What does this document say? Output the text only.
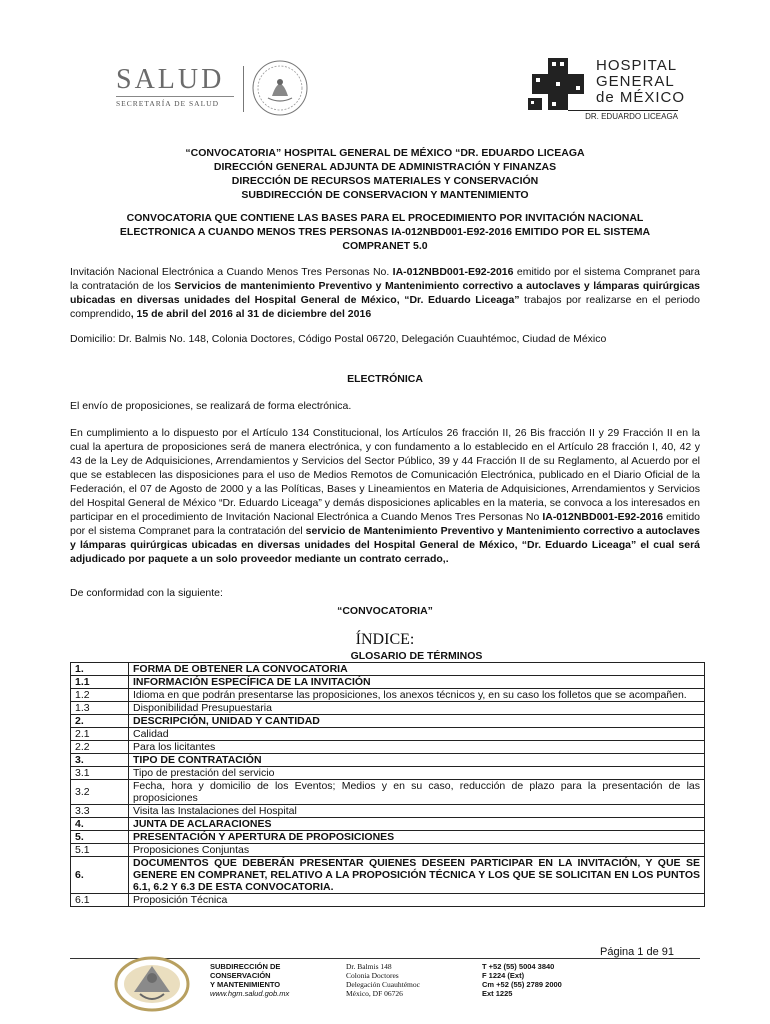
SALUD
SECRETARÍA DE SALUD
HOSPITAL
GENERAL
de MÉXICO
DR. EDUARDO LICEAGA
“CONVOCATORIA” HOSPITAL GENERAL DE MÉXICO “DR. EDUARDO LICEAGA
DIRECCIÓN GENERAL ADJUNTA DE ADMINISTRACIÓN Y FINANZAS
DIRECCIÓN DE RECURSOS MATERIALES Y CONSERVACIÓN
SUBDIRECCIÓN DE CONSERVACION Y MANTENIMIENTO
CONVOCATORIA QUE CONTIENE LAS BASES PARA EL PROCEDIMIENTO POR INVITACIÓN NACIONAL
ELECTRONICA A CUANDO MENOS TRES PERSONAS IA-012NBD001-E92-2016 EMITIDO POR EL SISTEMA
COMPRANET 5.0
Invitación Nacional Electrónica a Cuando Menos Tres Personas No. IA-012NBD001-E92-2016 emitido por el sistema Compranet para la contratación de los Servicios de mantenimiento Preventivo y Mantenimiento correctivo a autoclaves y lámparas quirúrgicas ubicadas en diversas unidades del Hospital General de México, “Dr. Eduardo Liceaga” trabajos por realizarse en el periodo comprendido, 15 de abril del 2016 al 31 de diciembre del 2016
Domicilio: Dr. Balmis No. 148, Colonia Doctores, Código Postal 06720, Delegación Cuauhtémoc, Ciudad de México
ELECTRÓNICA
El envío de proposiciones, se realizará de forma electrónica.
En cumplimiento a lo dispuesto por el Artículo 134 Constitucional, los Artículos 26 fracción II, 26 Bis fracción II y 29 Fracción II en la cual la apertura de proposiciones será de manera electrónica, y con fundamento a lo establecido en el Artículo 28 fracción I, 40, 42 y 43 de la Ley de Adquisiciones, Arrendamientos y Servicios del Sector Público, 39 y 44 Fracción II de su Reglamento, al Acuerdo por el que se establecen las disposiciones para el uso de Medios Remotos de Comunicación Electrónica, publicado en el Diario Oficial de la Federación, el 07 de Agosto de 2000 y a las Políticas, Bases y Lineamientos en Materia de Adquisiciones, Arrendamientos y Servicios del Hospital General de México “Dr. Eduardo Liceaga” y demás disposiciones aplicables en la materia, se convoca a los interesados en participar en el procedimiento de Invitación Nacional Electrónica a Cuando Menos Tres Personas No IA-012NBD001-E92-2016 emitido por el sistema Compranet para la contratación del servicio de Mantenimiento Preventivo y Mantenimiento correctivo a autoclaves y lámparas quirúrgicas ubicadas en diversas unidades del Hospital General de México, “Dr. Eduardo Liceaga” el cual será adjudicado por paquete a un solo proveedor mediante un contrato cerrado,.
De conformidad con la siguiente:
“CONVOCATORIA”
ÍNDICE:
	GLOSARIO DE TÉRMINOS
1.	FORMA DE OBTENER LA CONVOCATORIA
1.1	INFORMACIÓN ESPECÍFICA DE LA INVITACIÓN
1.2	Idioma en que podrán presentarse las proposiciones, los anexos técnicos y, en su caso los folletos que se acompañen.
1.3	Disponibilidad Presupuestaria
2.	DESCRIPCIÓN, UNIDAD Y CANTIDAD
2.1	Calidad
2.2	Para los licitantes
3.	TIPO DE CONTRATACIÓN
3.1	Tipo de prestación del servicio
3.2	Fecha, hora y domicilio de los Eventos; Medios y en su caso, reducción de plazo para la presentación de las proposiciones
3.3	Visita las Instalaciones del Hospital
4.	JUNTA DE ACLARACIONES
5.	PRESENTACIÓN Y APERTURA DE PROPOSICIONES
5.1	Proposiciones Conjuntas
6.	DOCUMENTOS QUE DEBERÁN PRESENTAR QUIENES DESEEN PARTICIPAR EN LA INVITACIÓN, Y QUE SE GENERE EN COMPRANET, RELATIVO A LA PROPOSICIÓN TÉCNICA Y LOS QUE SE SOLICITAN EN LOS PUNTOS 6.1, 6.2 Y 6.3 DE ESTA CONVOCATORIA.
6.1	Proposición Técnica
Página 1 de 91
SUBDIRECCIÓN DE
CONSERVACIÓN
Y MANTENIMIENTO
www.hgm.salud.gob.mx
Dr. Balmis 148
Colonia Doctores
Delegación Cuauhtémoc
México, DF 06726
T +52 (55) 5004 3840
F 1224 (Ext)
Cm +52 (55) 2789 2000
Ext 1225
